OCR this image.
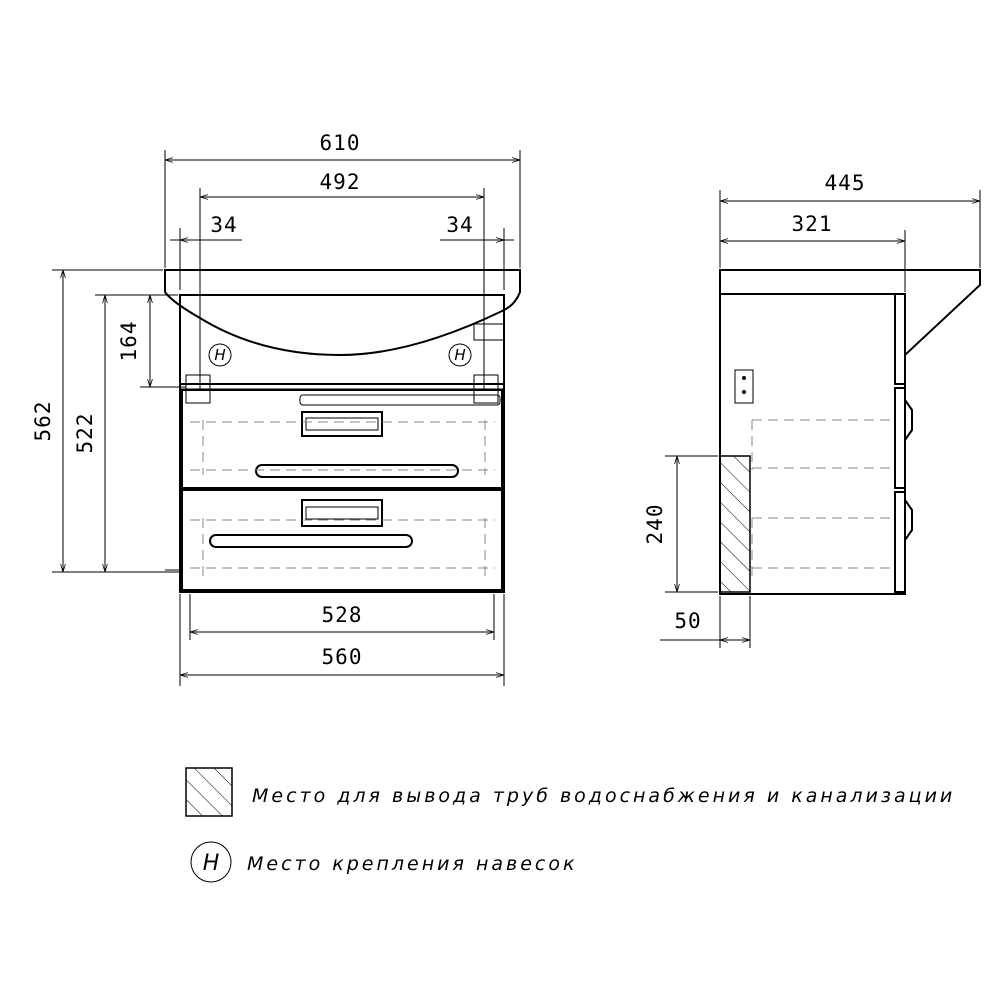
H	H
610
492
34	34
562 522
164
528
560
445
321
240
50
Место для вывода труб водоснабжения и канализации
H Место крепления навесок
